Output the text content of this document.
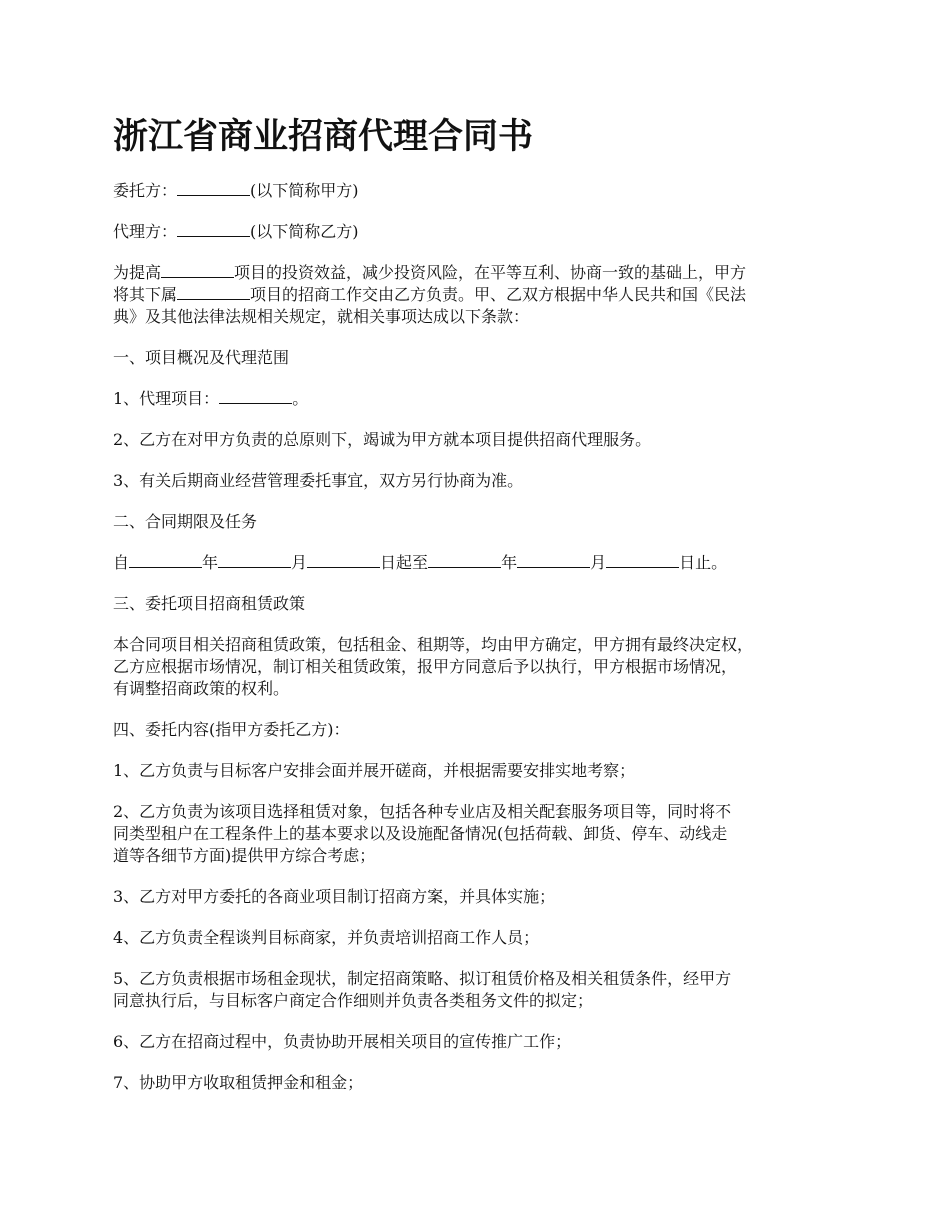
浙江省商业招商代理合同书
委托方：	(以下简称甲方)
代理方：	(以下简称乙方)
为提高	项目的投资效益，减少投资风险，在平等互利、协商一致的基础上，甲方
将其下属	项目的招商工作交由乙方负责。甲、乙双方根据中华人民共和国《民法
典》及其他法律法规相关规定，就相关事项达成以下条款：
一、项目概况及代理范围
1、代理项目：	。
2、乙方在对甲方负责的总原则下，竭诚为甲方就本项目提供招商代理服务。
3、有关后期商业经营管理委托事宜，双方另行协商为准。
二、合同期限及任务
自	年	月	日起至	年	月	日止。
三、委托项目招商租赁政策
本合同项目相关招商租赁政策，包括租金、租期等，均由甲方确定，甲方拥有最终决定权，
乙方应根据市场情况，制订相关租赁政策，报甲方同意后予以执行，甲方根据市场情况，
有调整招商政策的权利。
四、委托内容(指甲方委托乙方)：
1、乙方负责与目标客户安排会面并展开磋商，并根据需要安排实地考察；
2、乙方负责为该项目选择租赁对象，包括各种专业店及相关配套服务项目等，同时将不
同类型租户在工程条件上的基本要求以及设施配备情况(包括荷载、卸货、停车、动线走
道等各细节方面)提供甲方综合考虑；
3、乙方对甲方委托的各商业项目制订招商方案，并具体实施；
4、乙方负责全程谈判目标商家，并负责培训招商工作人员；
5、乙方负责根据市场租金现状，制定招商策略、拟订租赁价格及相关租赁条件，经甲方
同意执行后，与目标客户商定合作细则并负责各类租务文件的拟定；
6、乙方在招商过程中，负责协助开展相关项目的宣传推广工作；
7、协助甲方收取租赁押金和租金；
